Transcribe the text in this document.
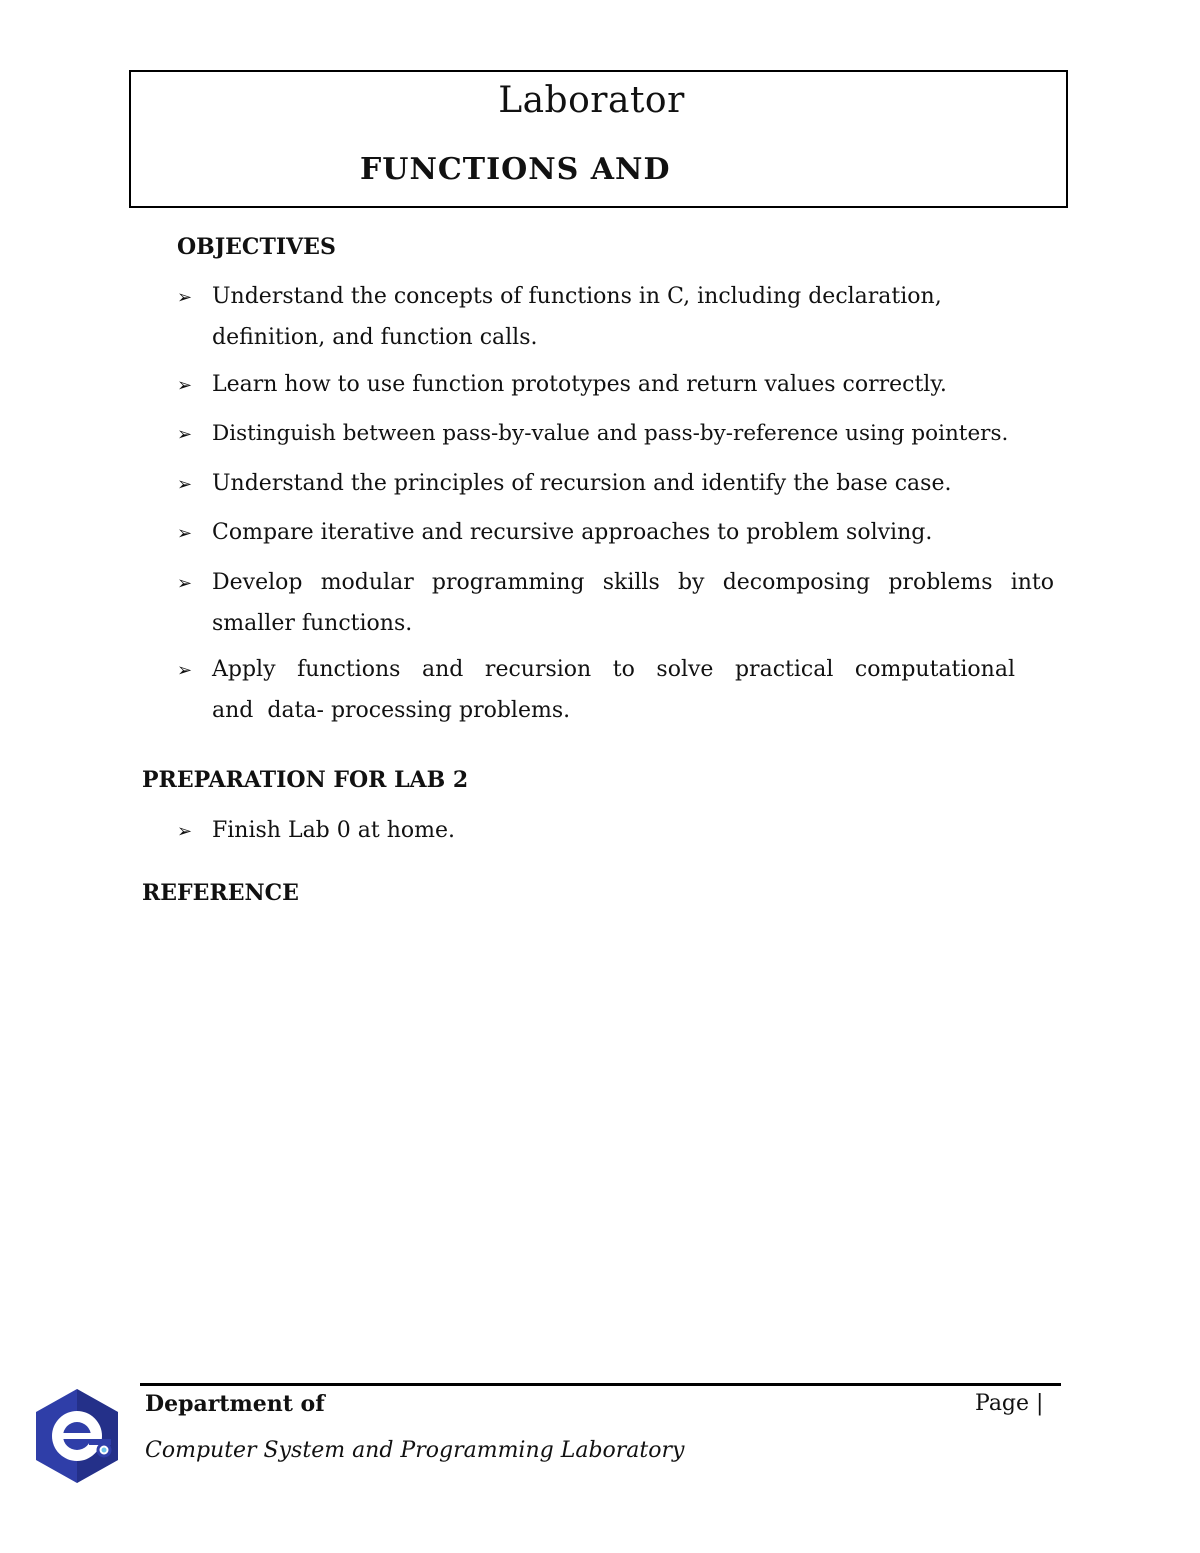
Laborator
FUNCTIONS AND
OBJECTIVES
➢ Understand the concepts of functions in C, including declaration,
definition, and function calls.
➢ Learn how to use function prototypes and return values correctly.
➢ Distinguish between pass-by-value and pass-by-reference using pointers.
➢ Understand the principles of recursion and identify the base case.
➢ Compare iterative and recursive approaches to problem solving.
➢ Develop modular programming skills by decomposing problems into
smaller functions.
➢ Apply functions and recursion to solve practical computational
and  data- processing problems.
PREPARATION FOR LAB 2
➢ Finish Lab 0 at home.
REFERENCE
Department of	Page |
Computer System and Programming Laboratory
